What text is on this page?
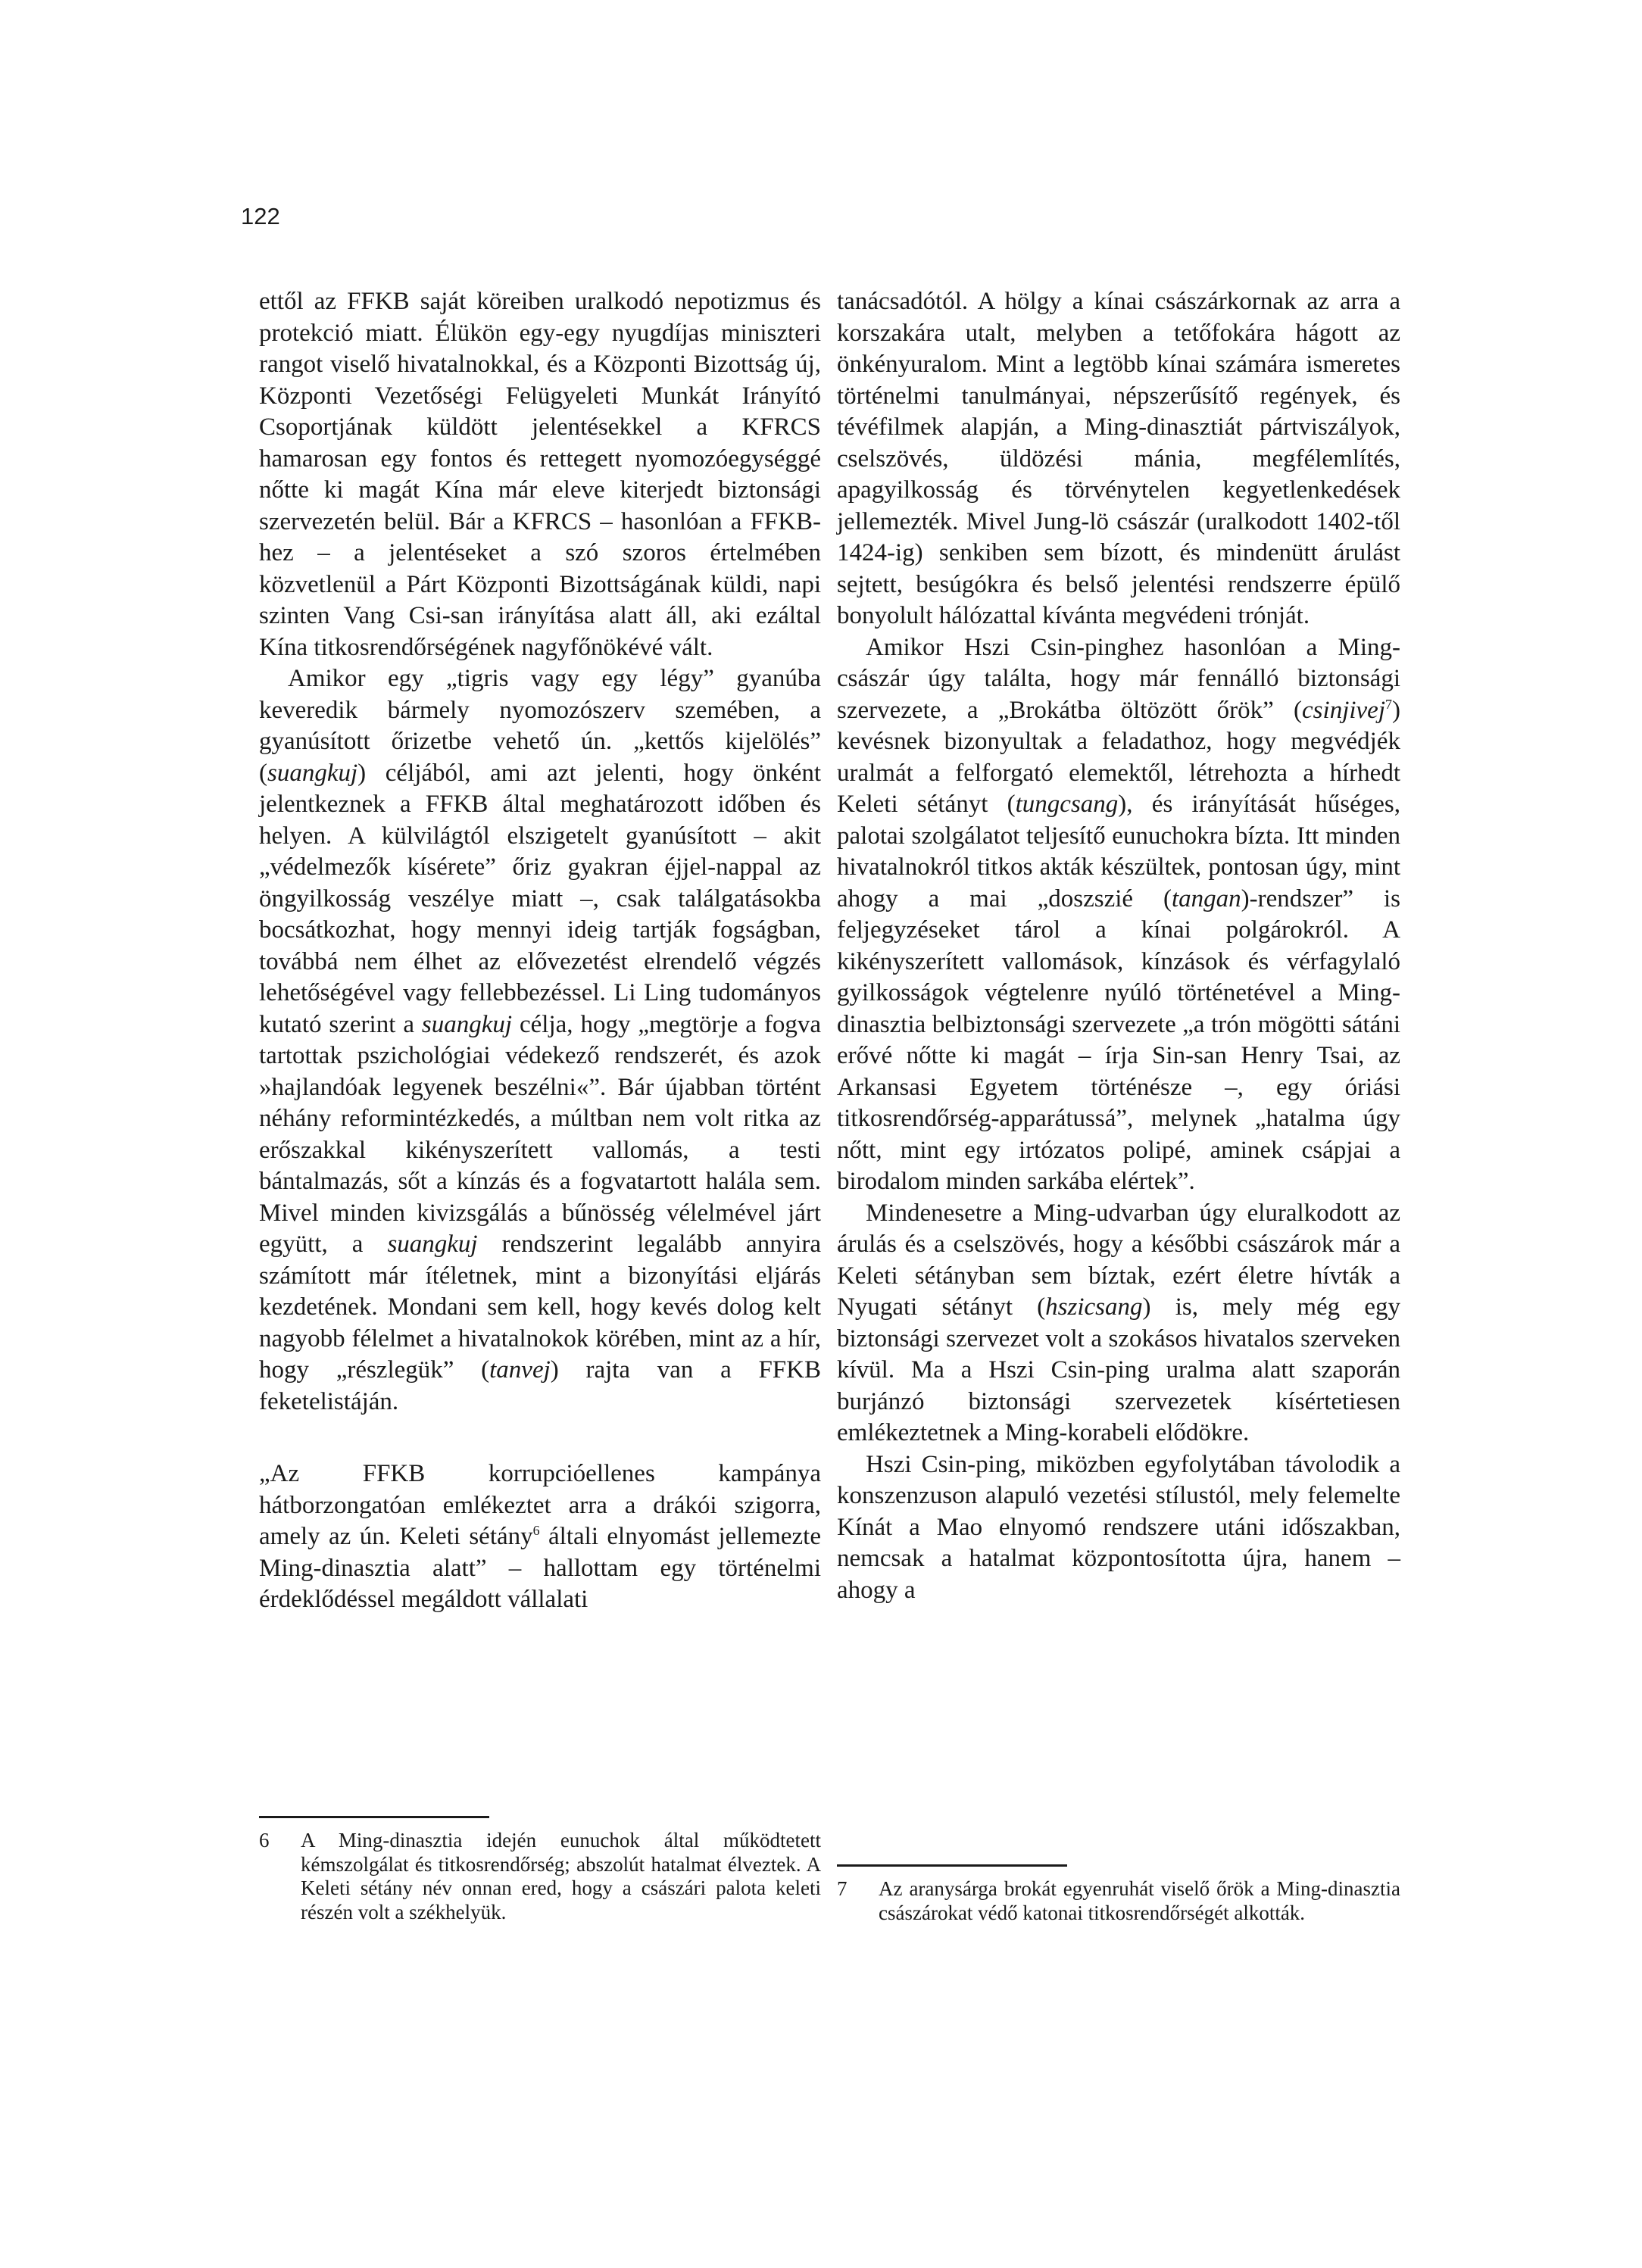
122

ettől az FFKB saját köreiben uralkodó nepotizmus és protekció miatt. Élükön egy-egy nyugdíjas miniszteri rangot viselő hivatalnokkal, és a Központi Bizottság új, Központi Vezetőségi Felügyeleti Munkát Irányító Csoportjának küldött jelentésekkel a KFRCS hamarosan egy fontos és rettegett nyomozóegységgé nőtte ki magát Kína már eleve kiterjedt biztonsági szervezetén belül. Bár a KFRCS – hasonlóan a FFKB-hez – a jelentéseket a szó szoros értelmében közvetlenül a Párt Központi Bizottságának küldi, napi szinten Vang Csi-san irányítása alatt áll, aki ezáltal Kína titkosrendőrségének nagyfőnökévé vált.

Amikor egy „tigris vagy egy légy” gyanúba keveredik bármely nyomozószerv szemében, a gyanúsított őrizetbe vehető ún. „kettős kijelölés” (suangkuj) céljából, ami azt jelenti, hogy önként jelentkeznek a FFKB által meghatározott időben és helyen. A külvilágtól elszigetelt gyanúsított – akit „védelmezők kísérete” őriz gyakran éjjel-nappal az öngyilkosság veszélye miatt –, csak találgatásokba bocsátkozhat, hogy mennyi ideig tartják fogságban, továbbá nem élhet az elővezetést elrendelő végzés lehetőségével vagy fellebbezéssel. Li Ling tudományos kutató szerint a suangkuj célja, hogy „megtörje a fogva tartottak pszichológiai védekező rendszerét, és azok »hajlandóak legyenek beszélni«”. Bár újabban történt néhány reformintézkedés, a múltban nem volt ritka az erőszakkal kikényszerített vallomás, a testi bántalmazás, sőt a kínzás és a fogvatartott halála sem. Mivel minden kivizsgálás a bűnösség vélelmével járt együtt, a suangkuj rendszerint legalább annyira számított már ítéletnek, mint a bizonyítási eljárás kezdetének. Mondani sem kell, hogy kevés dolog kelt nagyobb félelmet a hivatalnokok körében, mint az a hír, hogy „részlegük” (tanvej) rajta van a FFKB feketelistáján.

„Az FFKB korrupcióellenes kampánya hátborzongatóan emlékeztet arra a drákói szigorra, amely az ún. Keleti sétány$^6$ általi elnyomást jellemezte Ming-dinasztia alatt” – hallottam egy történelmi érdeklődéssel megáldott vállalati

tanácsadótól. A hölgy a kínai császárkornak az arra a korszakára utalt, melyben a tetőfokára hágott az önkényuralom. Mint a legtöbb kínai számára ismeretes történelmi tanulmányai, népszerűsítő regények, és tévéfilmek alapján, a Ming-dinasztiát pártviszályok, cselszövés, üldözési mánia, megfélemlítés, apagyilkosság és törvénytelen kegyetlenkedések jellemezték. Mivel Jung-lö császár (uralkodott 1402-től 1424-ig) senkiben sem bízott, és mindenütt árulást sejtett, besúgókra és belső jelentési rendszerre épülő bonyolult hálózattal kívánta megvédeni trónját.

Amikor Hszi Csin-pinghez hasonlóan a Ming-császár úgy találta, hogy már fennálló biztonsági szervezete, a „Brokátba öltözött őrök” (csinjivej$^7$) kevésnek bizonyultak a feladathoz, hogy megvédjék uralmát a felforgató elemektől, létrehozta a hírhedt Keleti sétányt (tungcsang), és irányítását hűséges, palotai szolgálatot teljesítő eunuchokra bízta. Itt minden hivatalnokról titkos akták készültek, pontosan úgy, mint ahogy a mai „doszszié (tangan)-rendszer” is feljegyzéseket tárol a kínai polgárokról. A kikényszerített vallomások, kínzások és vérfagylaló gyilkosságok végtelenre nyúló történetével a Ming-dinasztia belbiztonsági szervezete „a trón mögötti sátáni erővé nőtte ki magát – írja Sin-san Henry Tsai, az Arkansasi Egyetem történésze –, egy óriási titkosrendőrség-apparátussá”, melynek „hatalma úgy nőtt, mint egy irtózatos polipé, aminek csápjai a birodalom minden sarkába elértek”.

Mindenesetre a Ming-udvarban úgy eluralkodott az árulás és a cselszövés, hogy a későbbi császárok már a Keleti sétányban sem bíztak, ezért életre hívták a Nyugati sétányt (hszicsang) is, mely még egy biztonsági szervezet volt a szokásos hivatalos szerveken kívül. Ma a Hszi Csin-ping uralma alatt szaporán burjánzó biztonsági szervezetek kísértetiesen emlékeztetnek a Ming-korabeli elődökre.

Hszi Csin-ping, miközben egyfolytában távolodik a konszenzuson alapuló vezetési stílustól, mely felemelte Kínát a Mao elnyomó rendszere utáni időszakban, nemcsak a hatalmat központosította újra, hanem – ahogy a

6	A Ming-dinasztia idején eunuchok által működtetett kémszolgálat és titkosrendőrség; abszolút hatalmat élveztek. A Keleti sétány név onnan ered, hogy a császári palota keleti részén volt a székhelyük.
7	Az aranysárga brokát egyenruhát viselő őrök a Ming-dinasztia császárokat védő katonai titkosrendőrségét alkották.
